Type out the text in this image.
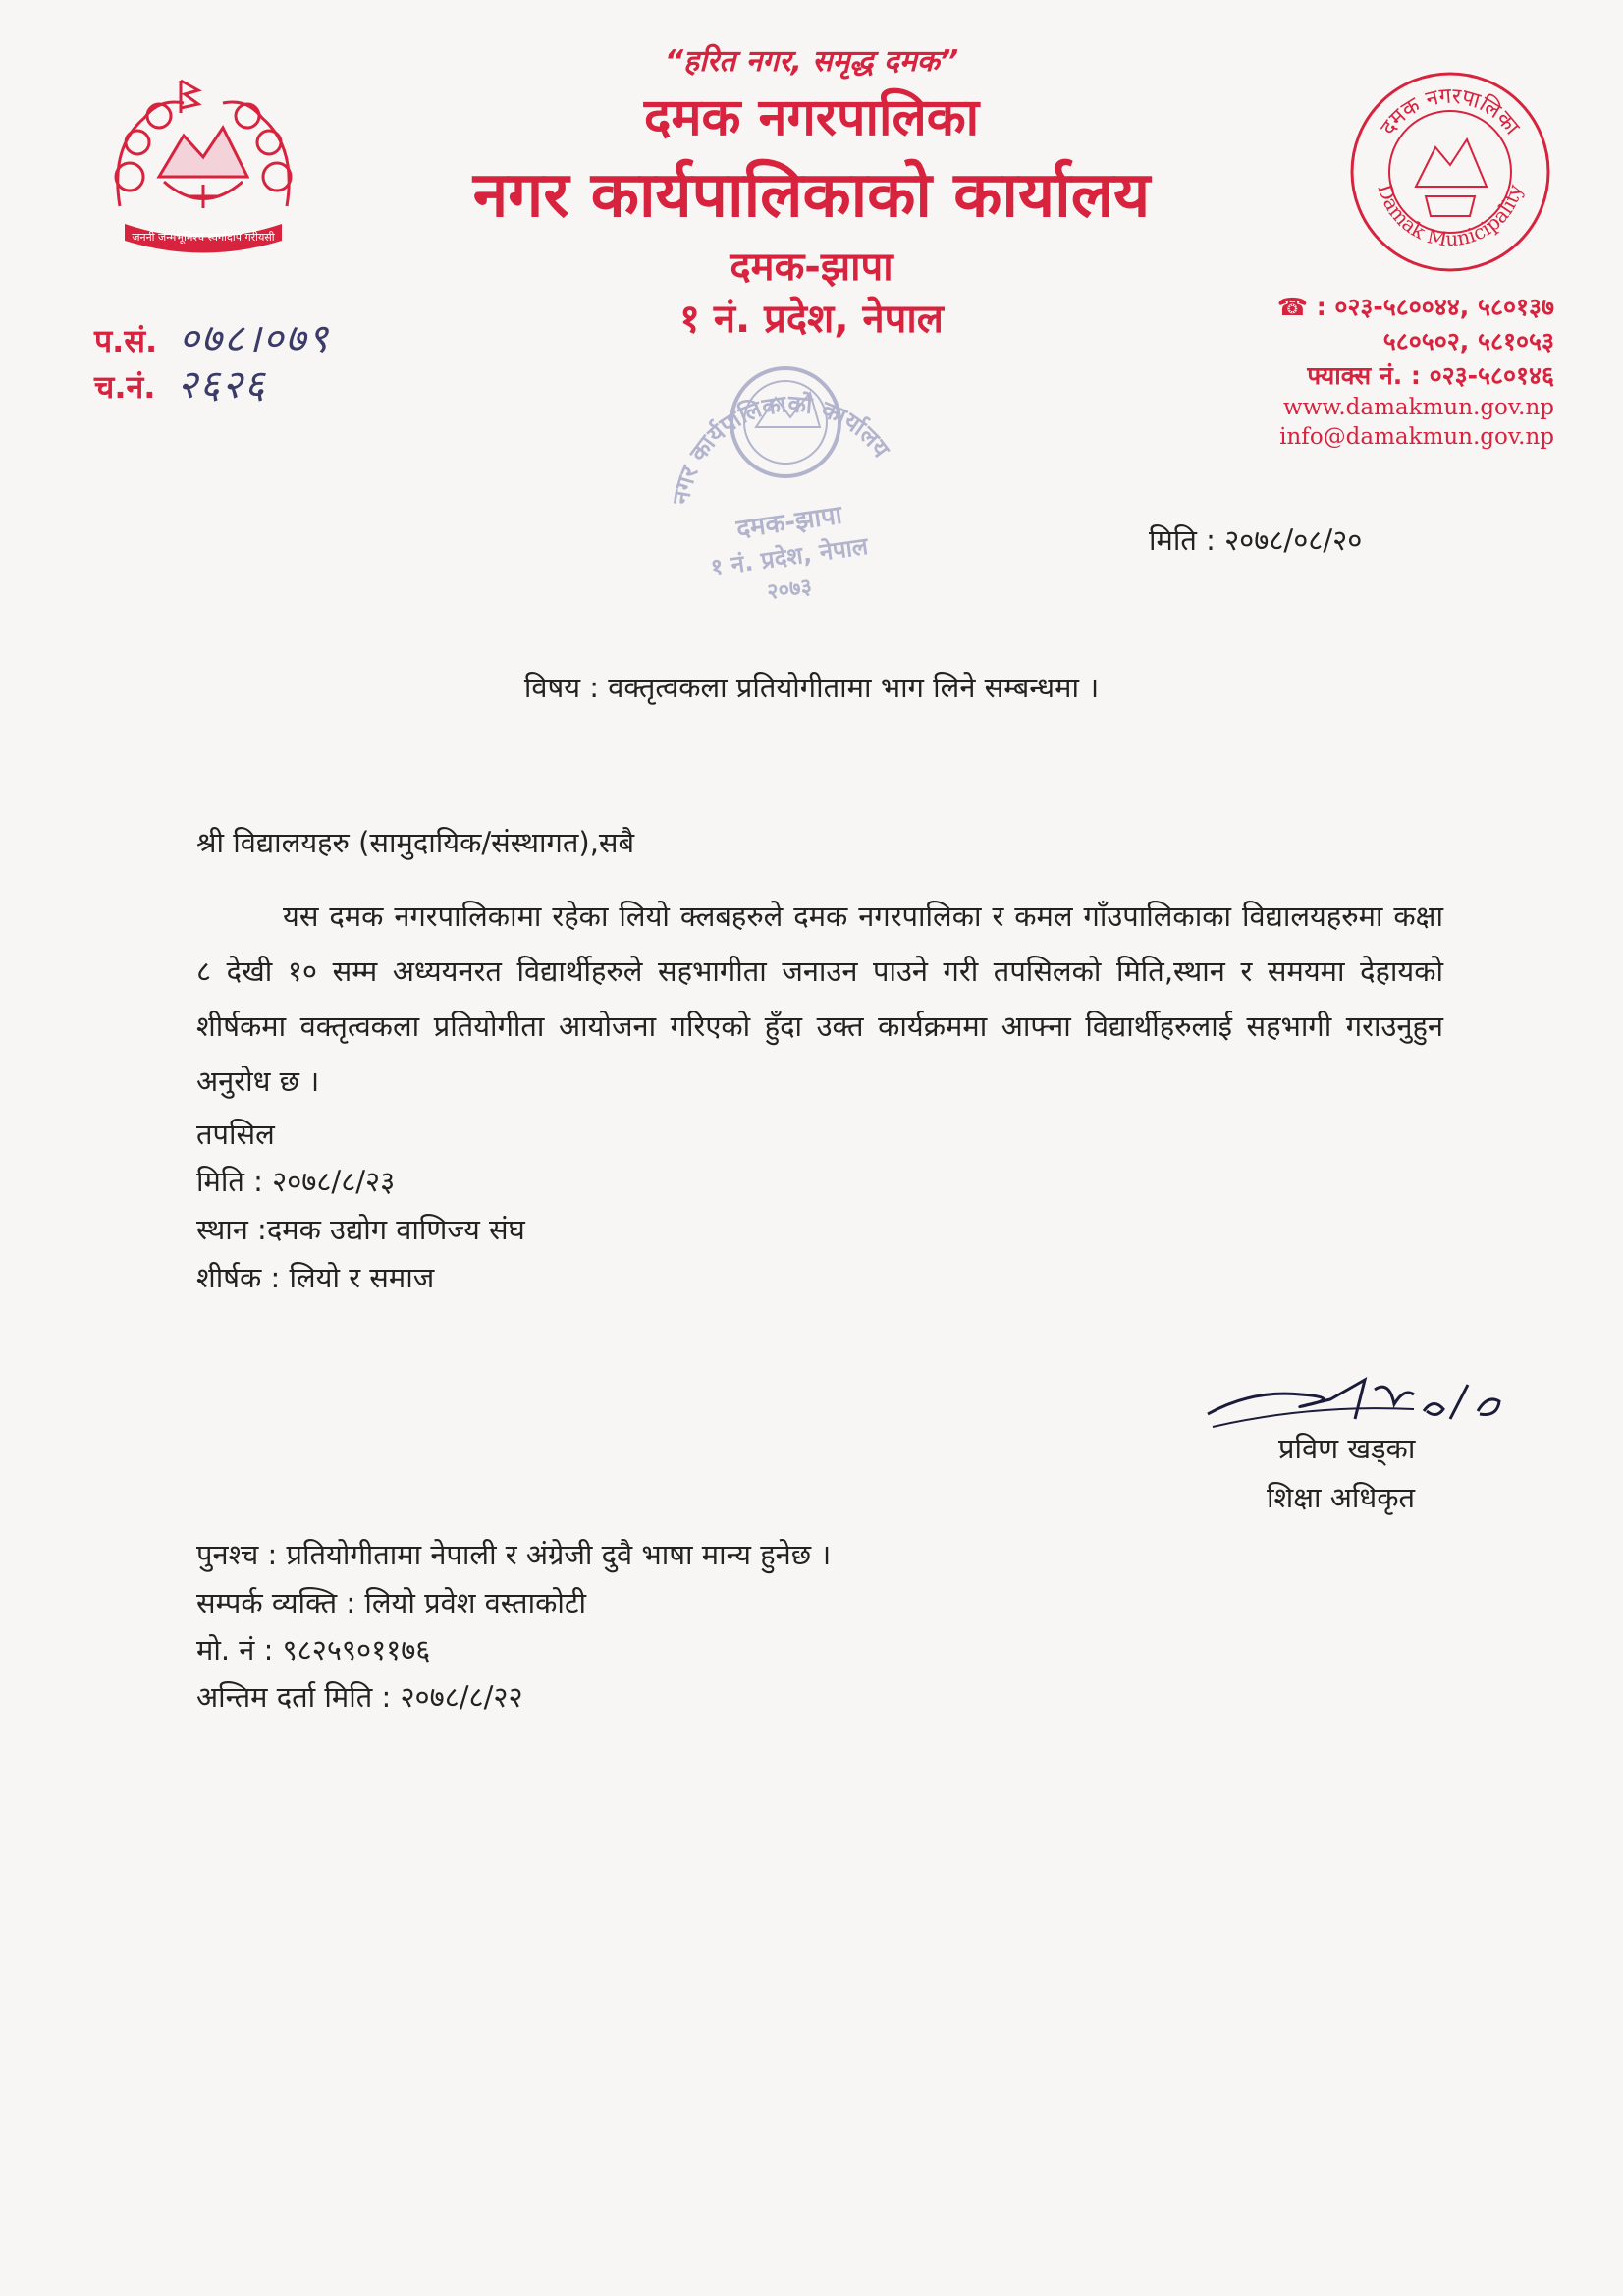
जननी जन्मभूमिश्च स्वर्गादपि गरीयसी
दमक नगरपालिका
Damak Municipality
“हरित नगर, समृद्ध दमक”
दमक नगरपालिका
नगर कार्यपालिकाको कार्यालय
दमक-झापा
१ नं. प्रदेश, नेपाल
प.सं. ०७८।०७९
च.नं. २६२६
☎ : ०२३-५८००४४, ५८०१३७
५८०५०२, ५८१०५३
फ्याक्स नं. : ०२३-५८०१४६
www.damakmun.gov.np
info@damakmun.gov.np
नगर कार्यपालिकाको कार्यालय
दमक-झापा
१ नं. प्रदेश, नेपाल
२०७३
मिति : २०७८/०८/२०
विषय : वक्तृत्वकला प्रतियोगीतामा भाग लिने सम्बन्धमा ।
श्री विद्यालयहरु (सामुदायिक/संस्थागत),सबै
यस दमक नगरपालिकामा रहेका लियो क्लबहरुले दमक नगरपालिका र कमल गाँउपालिकाका विद्यालयहरुमा कक्षा ८ देखी १० सम्म अध्ययनरत विद्यार्थीहरुले सहभागीता जनाउन पाउने गरी तपसिलको मिति,स्थान र समयमा देहायको शीर्षकमा वक्तृत्वकला प्रतियोगीता आयोजना गरिएको हुँदा उक्त कार्यक्रममा आफ्ना विद्यार्थीहरुलाई सहभागी गराउनुहुन अनुरोध छ ।
तपसिल
मिति : २०७८/८/२३
स्थान :दमक उद्योग वाणिज्य संघ
शीर्षक : लियो र समाज
प्रविण खड्का
शिक्षा अधिकृत
पुनश्च : प्रतियोगीतामा नेपाली र अंग्रेजी दुवै भाषा मान्य हुनेछ ।
सम्पर्क व्यक्ति : लियो प्रवेश वस्ताकोटी
मो. नं : ९८२५९०११७६
अन्तिम दर्ता मिति : २०७८/८/२२
